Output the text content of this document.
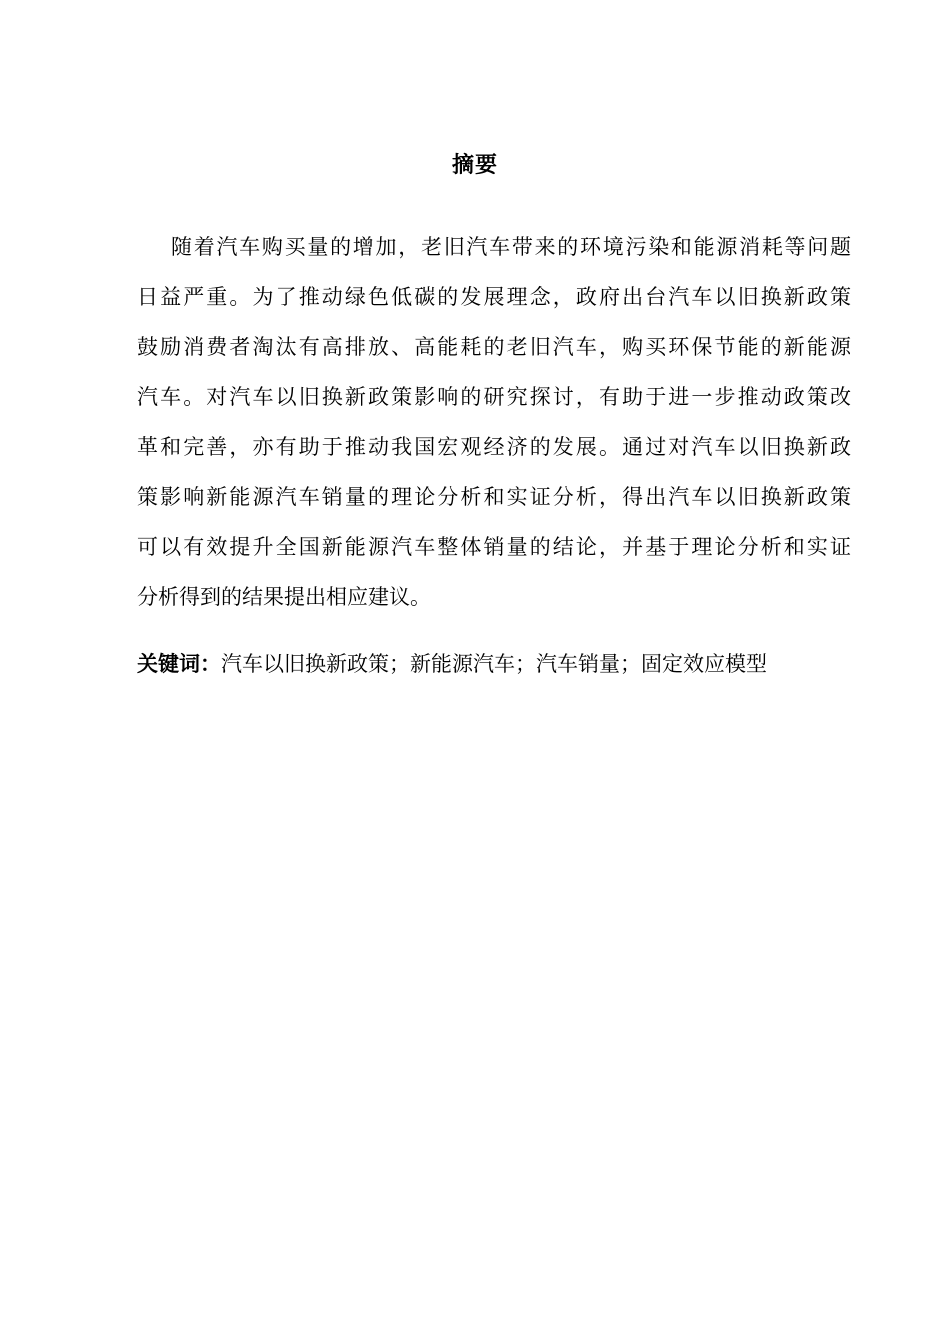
摘要
随着汽车购买量的增加，老旧汽车带来的环境污染和能源消耗等问题
日益严重。为了推动绿色低碳的发展理念，政府出台汽车以旧换新政策
鼓励消费者淘汰有高排放、高能耗的老旧汽车，购买环保节能的新能源
汽车。对汽车以旧换新政策影响的研究探讨，有助于进一步推动政策改
革和完善，亦有助于推动我国宏观经济的发展。通过对汽车以旧换新政
策影响新能源汽车销量的理论分析和实证分析，得出汽车以旧换新政策
可以有效提升全国新能源汽车整体销量的结论，并基于理论分析和实证
分析得到的结果提出相应建议。
关键词：汽车以旧换新政策；新能源汽车；汽车销量；固定效应模型
